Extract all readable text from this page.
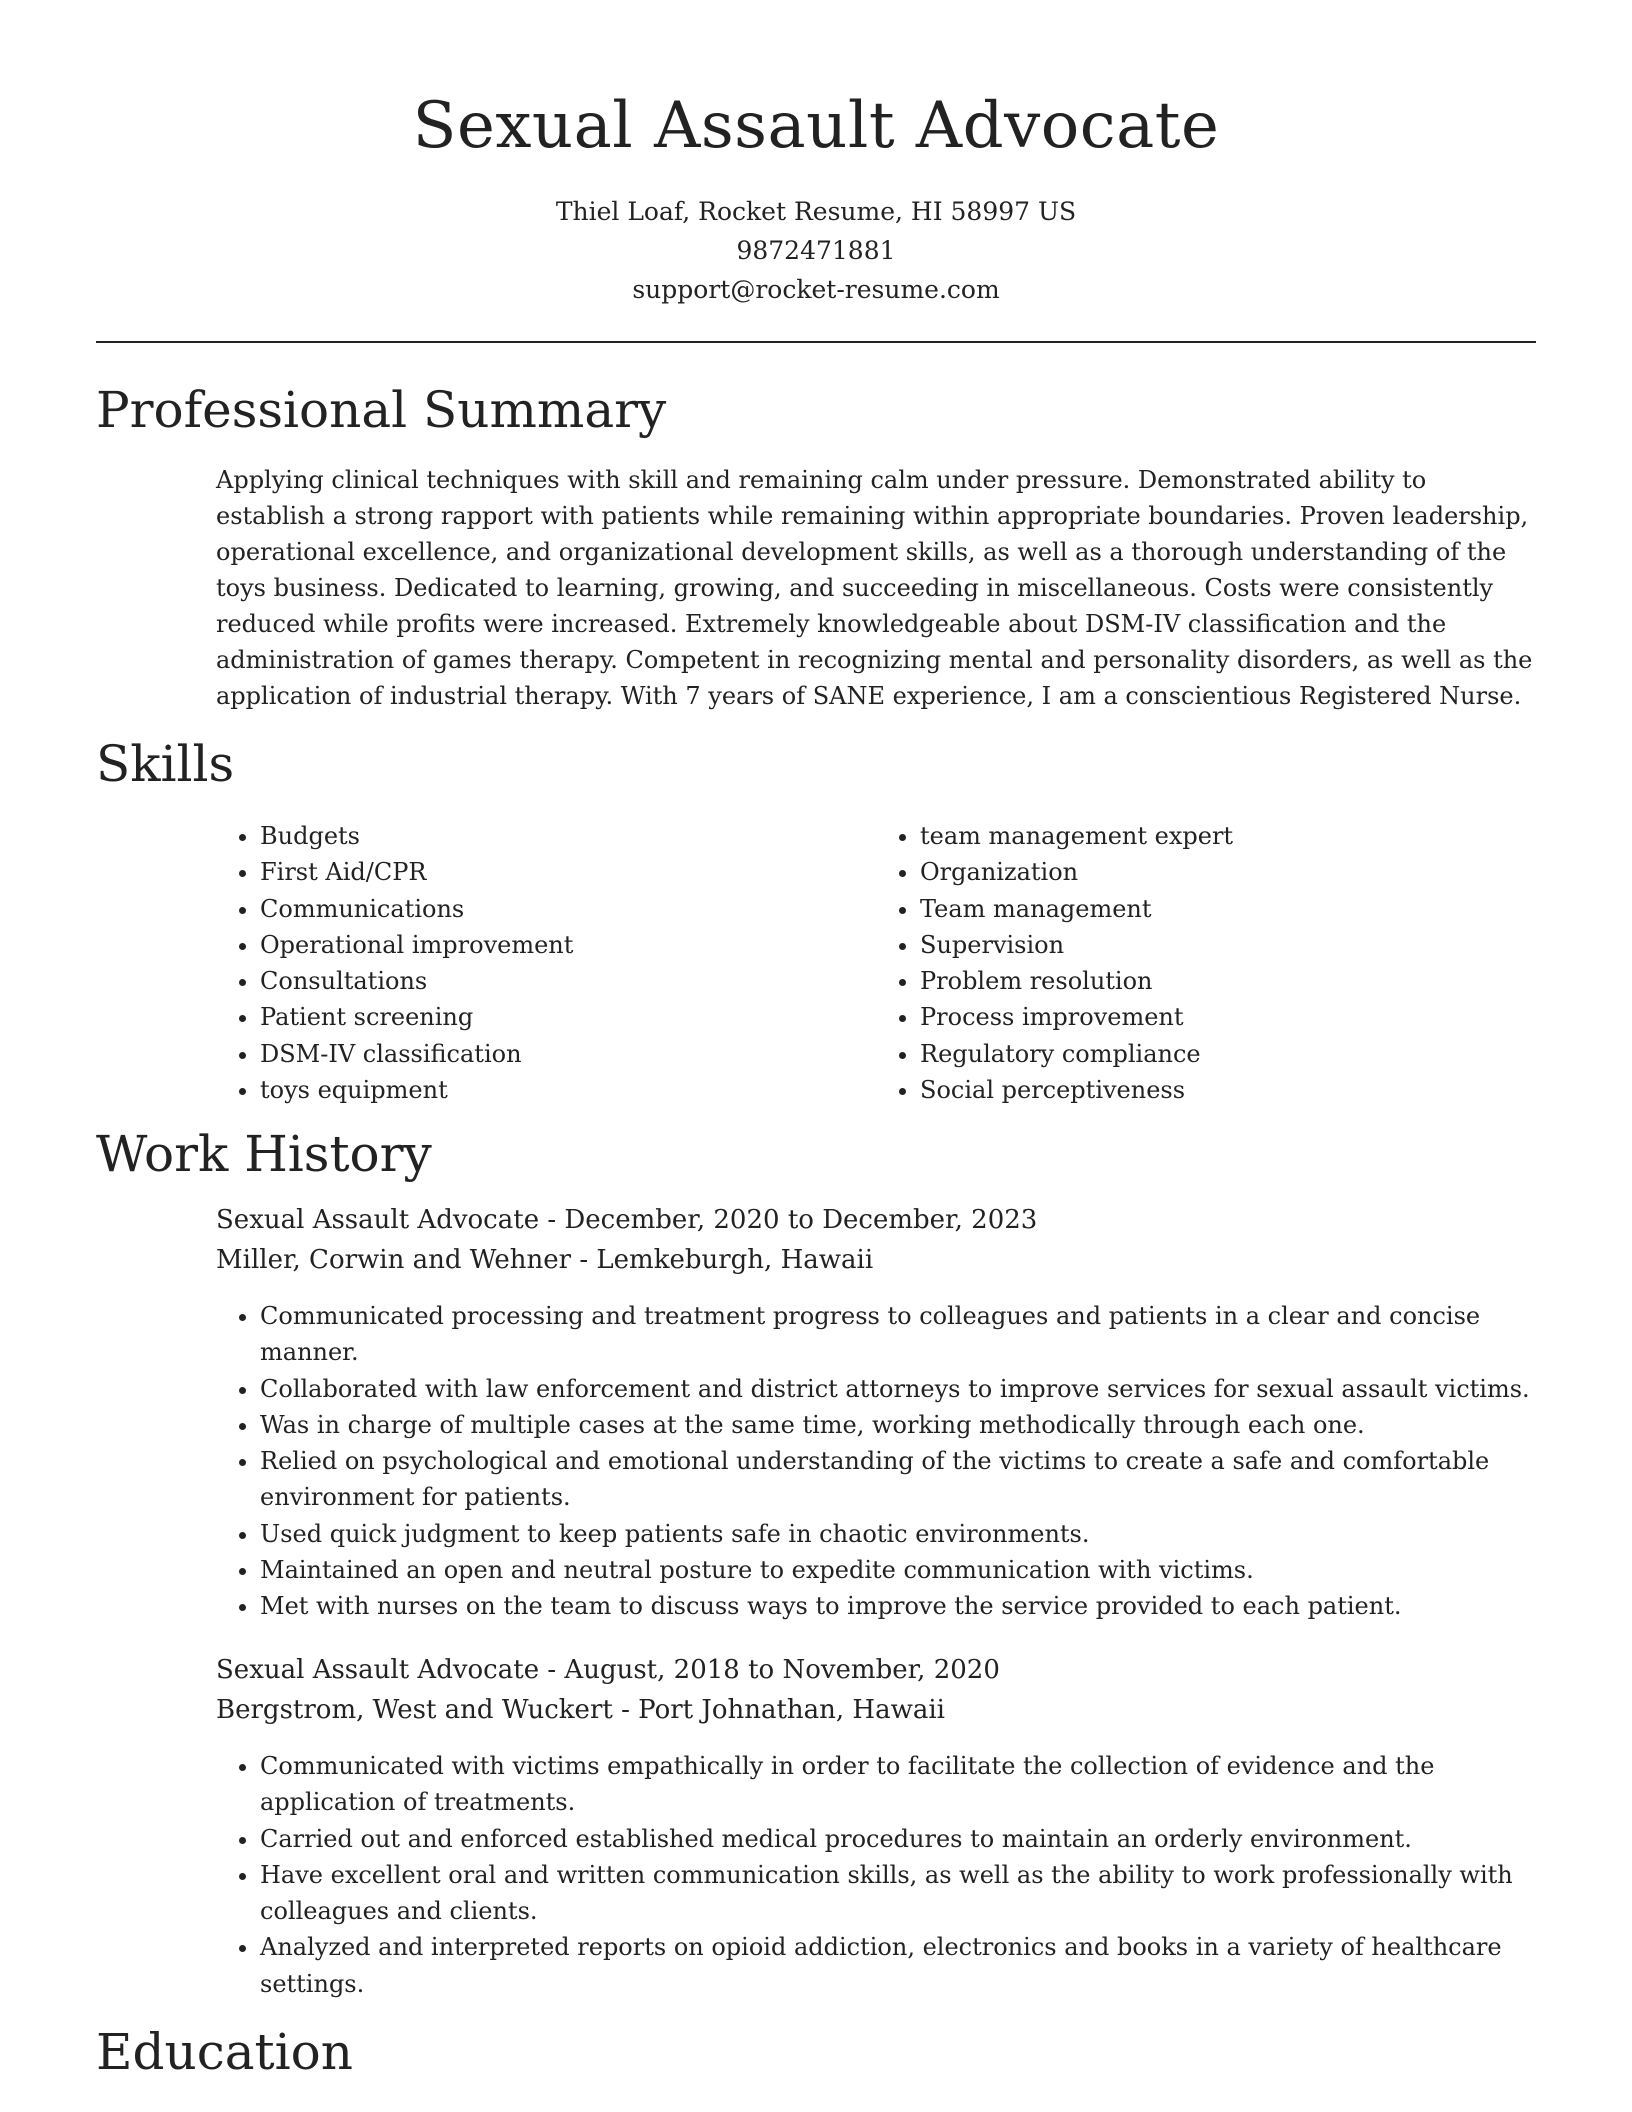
Sexual Assault Advocate
Thiel Loaf, Rocket Resume, HI 58997 US
9872471881
support@rocket-resume.com
Professional Summary

Applying clinical techniques with skill and remaining calm under pressure. Demonstrated ability to establish a strong rapport with patients while remaining within appropriate boundaries. Proven leadership, operational excellence, and organizational development skills, as well as a thorough understanding of the toys business. Dedicated to learning, growing, and succeeding in miscellaneous. Costs were consistently reduced while profits were increased. Extremely knowledgeable about DSM-IV classification and the administration of games therapy. Competent in recognizing mental and personality disorders, as well as the application of industrial therapy. With 7 years of SANE experience, I am a conscientious Registered Nurse.

Skills
• Budgets
• First Aid/CPR
• Communications
• Operational improvement
• Consultations
• Patient screening
• DSM-IV classification
• toys equipment
• team management expert
• Organization
• Team management
• Supervision
• Problem resolution
• Process improvement
• Regulatory compliance
• Social perceptiveness
Work History
Sexual Assault Advocate - December, 2020 to December, 2023
Miller, Corwin and Wehner - Lemkeburgh, Hawaii
• Communicated processing and treatment progress to colleagues and patients in a clear and concise manner.
• Collaborated with law enforcement and district attorneys to improve services for sexual assault victims.
• Was in charge of multiple cases at the same time, working methodically through each one.
• Relied on psychological and emotional understanding of the victims to create a safe and comfortable environment for patients.
• Used quick judgment to keep patients safe in chaotic environments.
• Maintained an open and neutral posture to expedite communication with victims.
• Met with nurses on the team to discuss ways to improve the service provided to each patient.
Sexual Assault Advocate - August, 2018 to November, 2020
Bergstrom, West and Wuckert - Port Johnathan, Hawaii
• Communicated with victims empathically in order to facilitate the collection of evidence and the application of treatments.
• Carried out and enforced established medical procedures to maintain an orderly environment.
• Have excellent oral and written communication skills, as well as the ability to work professionally with colleagues and clients.
• Analyzed and interpreted reports on opioid addiction, electronics and books in a variety of healthcare settings.
Education
